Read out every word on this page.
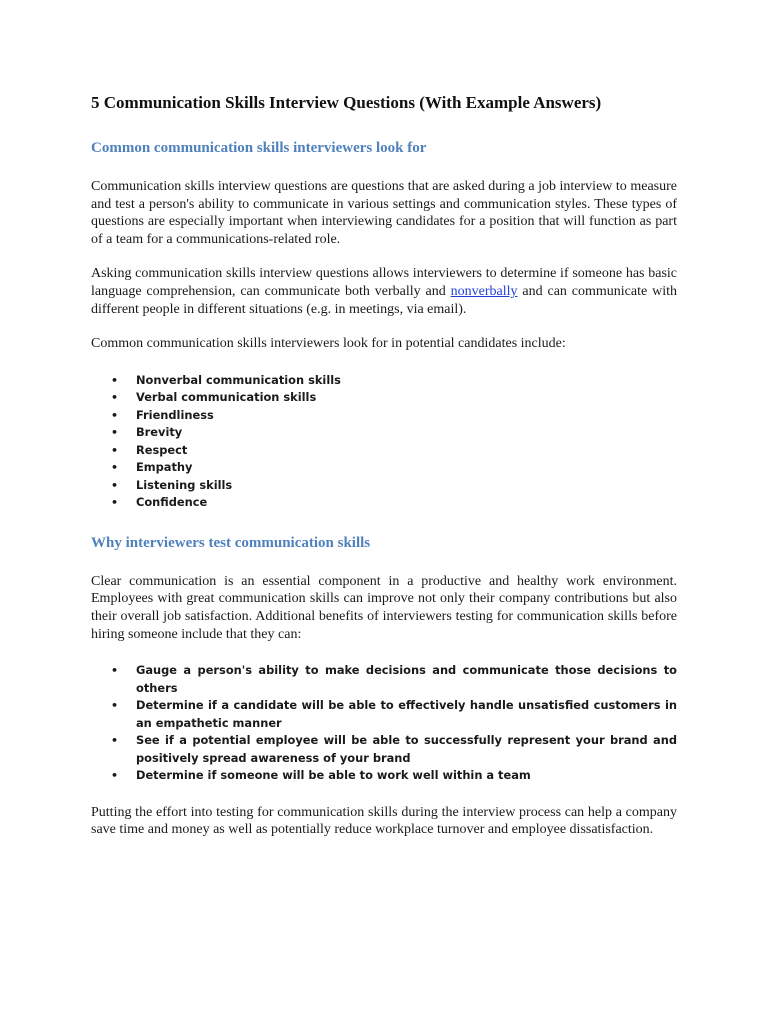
5 Communication Skills Interview Questions (With Example Answers)
Common communication skills interviewers look for

Communication skills interview questions are questions that are asked during a job interview to measure and test a person's ability to communicate in various settings and communication styles. These types of questions are especially important when interviewing candidates for a position that will function as part of a team for a communications-related role.

Asking communication skills interview questions allows interviewers to determine if someone has basic language comprehension, can communicate both verbally and nonverbally and can communicate with different people in different situations (e.g. in meetings, via email).

Common communication skills interviewers look for in potential candidates include:

• Nonverbal communication skills
• Verbal communication skills
• Friendliness
• Brevity
• Respect
• Empathy
• Listening skills
• Confidence
Why interviewers test communication skills

Clear communication is an essential component in a productive and healthy work environment. Employees with great communication skills can improve not only their company contributions but also their overall job satisfaction. Additional benefits of interviewers testing for communication skills before hiring someone include that they can:

• Gauge a person's ability to make decisions and communicate those decisions to others
• Determine if a candidate will be able to effectively handle unsatisfied customers in an empathetic manner
• See if a potential employee will be able to successfully represent your brand and positively spread awareness of your brand
• Determine if someone will be able to work well within a team

Putting the effort into testing for communication skills during the interview process can help a company save time and money as well as potentially reduce workplace turnover and employee dissatisfaction.
